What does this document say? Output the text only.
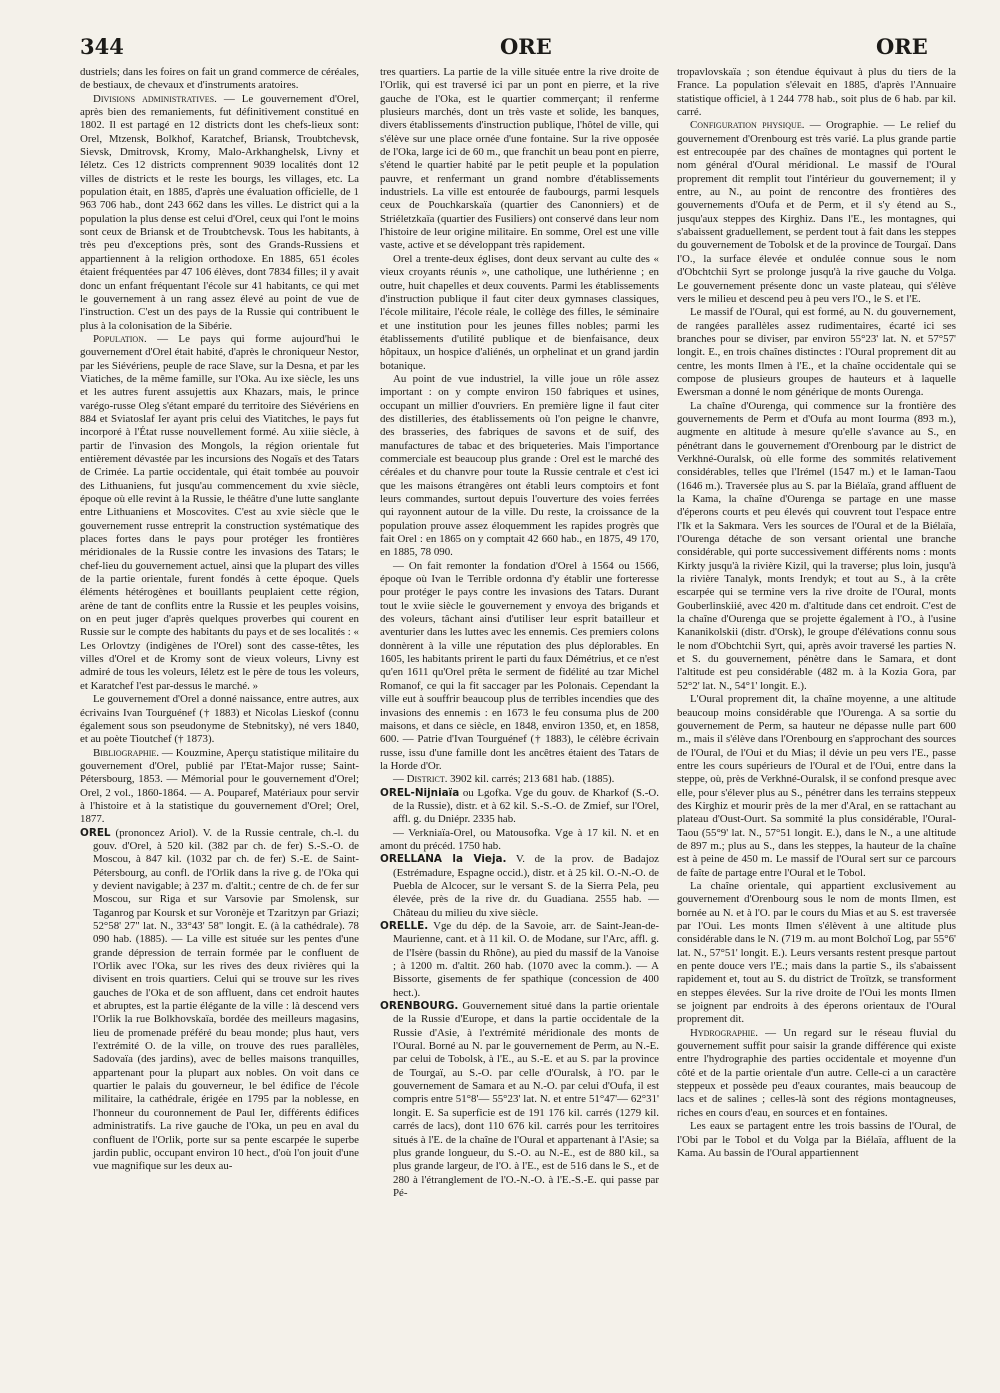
344	ORE	ORE

dustriels; dans les foires on fait un grand commerce de céréales, de bestiaux, de chevaux et d'instruments aratoires.

Divisions administratives. — Le gouvernement d'Orel, après bien des remaniements, fut définitivement constitué en 1802. Il est partagé en 12 districts dont les chefs-lieux sont: Orel, Mtzensk, Bolkhof, Karatchef, Briansk, Troubtchevsk, Sievsk, Dmitrovsk, Kromy, Malo-Arkhanghelsk, Livny et Iéletz. Ces 12 districts comprennent 9039 localités dont 12 villes de districts et le reste les bourgs, les villages, etc. La population était, en 1885, d'après une évaluation officielle, de 1 963 706 hab., dont 243 662 dans les villes. Le district qui a la population la plus dense est celui d'Orel, ceux qui l'ont le moins sont ceux de Briansk et de Troubtchevsk. Tous les habitants, à très peu d'exceptions près, sont des Grands-Russiens et appartiennent à la religion orthodoxe. En 1885, 651 écoles étaient fréquentées par 47 106 élèves, dont 7834 filles; il y avait donc un enfant fréquentant l'école sur 41 habitants, ce qui met le gouvernement à un rang assez élevé au point de vue de l'instruction. C'est un des pays de la Russie qui contribuent le plus à la colonisation de la Sibérie.

Population. — Le pays qui forme aujourd'hui le gouvernement d'Orel était habité, d'après le chroniqueur Nestor, par les Siévériens, peuple de race Slave, sur la Desna, et par les Viatiches, de la même famille, sur l'Oka. Au ixe siècle, les uns et les autres furent assujettis aux Khazars, mais, le prince varégo-russe Oleg s'étant emparé du territoire des Siévériens en 884 et Sviatoslaf Ier ayant pris celui des Viatitches, le pays fut incorporé à l'État russe nouvellement formé. Au xiiie siècle, à partir de l'invasion des Mongols, la région orientale fut entièrement dévastée par les incursions des Nogaïs et des Tatars de Crimée. La partie occidentale, qui était tombée au pouvoir des Lithuaniens, fut jusqu'au commencement du xvie siècle, époque où elle revint à la Russie, le théâtre d'une lutte sanglante entre Lithuaniens et Moscovites. C'est au xvie siècle que le gouvernement russe entreprit la construction systématique des places fortes dans le pays pour protéger les frontières méridionales de la Russie contre les invasions des Tatars; le chef-lieu du gouvernement actuel, ainsi que la plupart des villes de la partie orientale, furent fondés à cette époque. Quels éléments hétérogènes et bouillants peuplaient cette région, arène de tant de conflits entre la Russie et les peuples voisins, on en peut juger d'après quelques proverbes qui courent en Russie sur le compte des habitants du pays et de ses localités : « Les Orlovtzy (indigènes de l'Orel) sont des casse-têtes, les villes d'Orel et de Kromy sont de vieux voleurs, Livny est admiré de tous les voleurs, Iéletz est le père de tous les voleurs, et Karatchef l'est par-dessus le marché. »

Le gouvernement d'Orel a donné naissance, entre autres, aux écrivains Ivan Tourguénef († 1883) et Nicolas Lieskof (connu également sous son pseudonyme de Stebnitsky), né vers 1840, et au poète Tioutchef († 1873).

Bibliographie. — Kouzmine, Aperçu statistique militaire du gouvernement d'Orel, publié par l'Etat-Major russe; Saint-Pétersbourg, 1853. — Mémorial pour le gouvernement d'Orel; Orel, 2 vol., 1860-1864. — A. Pouparef, Matériaux pour servir à l'histoire et à la statistique du gouvernement d'Orel; Orel, 1877.

OREL (prononcez Ariol). V. de la Russie centrale, ch.-l. du gouv. d'Orel, à 520 kil. (382 par ch. de fer) S.-S.-O. de Moscou, à 847 kil. (1032 par ch. de fer) S.-E. de Saint-Pétersbourg, au confl. de l'Orlik dans la rive g. de l'Oka qui y devient navigable; à 237 m. d'altit.; centre de ch. de fer sur Moscou, sur Riga et sur Varsovie par Smolensk, sur Taganrog par Koursk et sur Voronèje et Tzaritzyn par Griazi; 52°58' 27" lat. N., 33°43' 58" longit. E. (à la cathédrale). 78 090 hab. (1885). — La ville est située sur les pentes d'une grande dépression de terrain formée par le confluent de l'Orlik avec l'Oka, sur les rives des deux rivières qui la divisent en trois quartiers. Celui qui se trouve sur les rives gauches de l'Oka et de son affluent, dans cet endroit hautes et abruptes, est la partie élégante de la ville : là descend vers l'Orlik la rue Bolkhovskaïa, bordée des meilleurs magasins, lieu de promenade préféré du beau monde; plus haut, vers l'extrémité O. de la ville, on trouve des rues parallèles, Sadovaïa (des jardins), avec de belles maisons tranquilles, appartenant pour la plupart aux nobles. On voit dans ce quartier le palais du gouverneur, le bel édifice de l'école militaire, la cathédrale, érigée en 1795 par la noblesse, en l'honneur du couronnement de Paul Ier, différents édifices administratifs. La rive gauche de l'Oka, un peu en aval du confluent de l'Orlik, porte sur sa pente escarpée le superbe jardin public, occupant environ 10 hect., d'où l'on jouit d'une vue magnifique sur les deux au-

tres quartiers. La partie de la ville située entre la rive droite de l'Orlik, qui est traversé ici par un pont en pierre, et la rive gauche de l'Oka, est le quartier commerçant; il renferme plusieurs marchés, dont un très vaste et solide, les banques, divers établissements d'instruction publique, l'hôtel de ville, qui s'élève sur une place ornée d'une fontaine. Sur la rive opposée de l'Oka, large ici de 60 m., que franchit un beau pont en pierre, s'étend le quartier habité par le petit peuple et la population pauvre, et renfermant un grand nombre d'établissements industriels. La ville est entourée de faubourgs, parmi lesquels ceux de Pouchkarskaïa (quartier des Canonniers) et de Striéletzkaïa (quartier des Fusiliers) ont conservé dans leur nom l'histoire de leur origine militaire. En somme, Orel est une ville vaste, active et se développant très rapidement.

Orel a trente-deux églises, dont deux servant au culte des « vieux croyants réunis », une catholique, une luthérienne ; en outre, huit chapelles et deux couvents. Parmi les établissements d'instruction publique il faut citer deux gymnases classiques, l'école militaire, l'école réale, le collège des filles, le séminaire et une institution pour les jeunes filles nobles; parmi les établissements d'utilité publique et de bienfaisance, deux hôpitaux, un hospice d'aliénés, un orphelinat et un grand jardin botanique.

Au point de vue industriel, la ville joue un rôle assez important : on y compte environ 150 fabriques et usines, occupant un millier d'ouvriers. En première ligne il faut citer des distilleries, des établissements où l'on peigne le chanvre, des brasseries, des fabriques de savons et de suif, des manufactures de tabac et des briqueteries. Mais l'importance commerciale est beaucoup plus grande : Orel est le marché des céréales et du chanvre pour toute la Russie centrale et c'est ici que les maisons étrangères ont établi leurs comptoirs et font leurs commandes, surtout depuis l'ouverture des voies ferrées qui rayonnent autour de la ville. Du reste, la croissance de la population prouve assez éloquemment les rapides progrès que fait Orel : en 1865 on y comptait 42 660 hab., en 1875, 49 170, en 1885, 78 090.

— On fait remonter la fondation d'Orel à 1564 ou 1566, époque où Ivan le Terrible ordonna d'y établir une forteresse pour protéger le pays contre les invasions des Tatars. Durant tout le xviie siècle le gouvernement y envoya des brigands et des voleurs, tâchant ainsi d'utiliser leur esprit batailleur et aventurier dans les luttes avec les ennemis. Ces premiers colons donnèrent à la ville une réputation des plus déplorables. En 1605, les habitants prirent le parti du faux Démétrius, et ce n'est qu'en 1611 qu'Orel prêta le serment de fidélité au tzar Michel Romanof, ce qui la fit saccager par les Polonais. Cependant la ville eut à souffrir beaucoup plus de terribles incendies que des invasions des ennemis : en 1673 le feu consuma plus de 200 maisons, et dans ce siècle, en 1848, environ 1350, et, en 1858, 600. — Patrie d'Ivan Tourguénef († 1883), le célèbre écrivain russe, issu d'une famille dont les ancêtres étaient des Tatars de la Horde d'Or.

— District. 3902 kil. carrés; 213 681 hab. (1885).

OREL-Nijniaïa ou Lgofka. Vge du gouv. de Kharkof (S.-O. de la Russie), distr. et à 62 kil. S.-S.-O. de Zmief, sur l'Orel, affl. g. du Dniépr. 2335 hab.

— Verkniaïa-Orel, ou Matousofka. Vge à 17 kil. N. et en amont du précéd. 1750 hab.

ORELLANA la Vieja. V. de la prov. de Badajoz (Estrémadure, Espagne occid.), distr. et à 25 kil. O.-N.-O. de Puebla de Alcocer, sur le versant S. de la Sierra Pela, peu élevée, près de la rive dr. du Guadiana. 2555 hab. — Château du milieu du xive siècle.

ORELLE. Vge du dép. de la Savoie, arr. de Saint-Jean-de-Maurienne, cant. et à 11 kil. O. de Modane, sur l'Arc, affl. g. de l'Isère (bassin du Rhône), au pied du massif de la Vanoise ; à 1200 m. d'altit. 260 hab. (1070 avec la comm.). — A Bissorte, gisements de fer spathique (concession de 400 hect.).

ORENBOURG. Gouvernement situé dans la partie orientale de la Russie d'Europe, et dans la partie occidentale de la Russie d'Asie, à l'extrémité méridionale des monts de l'Oural. Borné au N. par le gouvernement de Perm, au N.-E. par celui de Tobolsk, à l'E., au S.-E. et au S. par la province de Tourgaï, au S.-O. par celle d'Ouralsk, à l'O. par le gouvernement de Samara et au N.-O. par celui d'Oufa, il est compris entre 51°8'— 55°23' lat. N. et entre 51°47'— 62°31' longit. E. Sa superficie est de 191 176 kil. carrés (1279 kil. carrés de lacs), dont 110 676 kil. carrés pour les territoires situés à l'E. de la chaîne de l'Oural et appartenant à l'Asie; sa plus grande longueur, du S.-O. au N.-E., est de 880 kil., sa plus grande largeur, de l'O. à l'E., est de 516 dans le S., et de 280 à l'étranglement de l'O.-N.-O. à l'E.-S.-E. qui passe par Pé-

tropavlovskaïa ; son étendue équivaut à plus du tiers de la France. La population s'élevait en 1885, d'après l'Annuaire statistique officiel, à 1 244 778 hab., soit plus de 6 hab. par kil. carré.

Configuration physique. — Orographie. — Le relief du gouvernement d'Orenbourg est très varié. La plus grande partie est entrecoupée par des chaînes de montagnes qui portent le nom général d'Oural méridional. Le massif de l'Oural proprement dit remplit tout l'intérieur du gouvernement; il y entre, au N., au point de rencontre des frontières des gouvernements d'Oufa et de Perm, et il s'y étend au S., jusqu'aux steppes des Kirghiz. Dans l'E., les montagnes, qui s'abaissent graduellement, se perdent tout à fait dans les steppes du gouvernement de Tobolsk et de la province de Tourgaï. Dans l'O., la surface élevée et ondulée connue sous le nom d'Obchtchii Syrt se prolonge jusqu'à la rive gauche du Volga. Le gouvernement présente donc un vaste plateau, qui s'élève vers le milieu et descend peu à peu vers l'O., le S. et l'E.

Le massif de l'Oural, qui est formé, au N. du gouvernement, de rangées parallèles assez rudimentaires, écarté ici ses branches pour se diviser, par environ 55°23' lat. N. et 57°57' longit. E., en trois chaînes distinctes : l'Oural proprement dit au centre, les monts Ilmen à l'E., et la chaîne occidentale qui se compose de plusieurs groupes de hauteurs et à laquelle Ewersman a donné le nom générique de monts Ourenga.

La chaîne d'Ourenga, qui commence sur la frontière des gouvernements de Perm et d'Oufa au mont Iourma (893 m.), augmente en altitude à mesure qu'elle s'avance au S., en pénétrant dans le gouvernement d'Orenbourg par le district de Verkhné-Ouralsk, où elle forme des sommités relativement considérables, telles que l'Irémel (1547 m.) et le Iaman-Taou (1646 m.). Traversée plus au S. par la Biélaïa, grand affluent de la Kama, la chaîne d'Ourenga se partage en une masse d'éperons courts et peu élevés qui couvrent tout l'espace entre l'Ik et la Sakmara. Vers les sources de l'Oural et de la Biélaïa, l'Ourenga détache de son versant oriental une branche considérable, qui porte successivement différents noms : monts Kirkty jusqu'à la rivière Kizil, qui la traverse; plus loin, jusqu'à la rivière Tanalyk, monts Irendyk; et tout au S., à la crête escarpée qui se termine vers la rive droite de l'Oural, monts Gouberlinskiié, avec 420 m. d'altitude dans cet endroit. C'est de la chaîne d'Ourenga que se projette également à l'O., à l'usine Kananikolskii (distr. d'Orsk), le groupe d'élévations connu sous le nom d'Obchtchii Syrt, qui, après avoir traversé les parties N. et S. du gouvernement, pénètre dans le Samara, et dont l'altitude est peu considérable (482 m. à la Kozia Gora, par 52°2' lat. N., 54°1' longit. E.).

L'Oural proprement dit, la chaîne moyenne, a une altitude beaucoup moins considérable que l'Ourenga. A sa sortie du gouvernement de Perm, sa hauteur ne dépasse nulle part 600 m., mais il s'élève dans l'Orenbourg en s'approchant des sources de l'Oural, de l'Oui et du Mias; il dévie un peu vers l'E., passe entre les cours supérieurs de l'Oural et de l'Oui, entre dans la steppe, où, près de Verkhné-Ouralsk, il se confond presque avec elle, pour s'élever plus au S., pénétrer dans les terrains steppeux des Kirghiz et mourir près de la mer d'Aral, en se rattachant au plateau d'Oust-Ourt. Sa sommité la plus considérable, l'Oural-Taou (55°9' lat. N., 57°51 longit. E.), dans le N., a une altitude de 897 m.; plus au S., dans les steppes, la hauteur de la chaîne est à peine de 450 m. Le massif de l'Oural sert sur ce parcours de faîte de partage entre l'Oural et le Tobol.

La chaîne orientale, qui appartient exclusivement au gouvernement d'Orenbourg sous le nom de monts Ilmen, est bornée au N. et à l'O. par le cours du Mias et au S. est traversée par l'Oui. Les monts Ilmen s'élèvent à une altitude plus considérable dans le N. (719 m. au mont Bolchoï Log, par 55°6' lat. N., 57°51' longit. E.). Leurs versants restent presque partout en pente douce vers l'E.; mais dans la partie S., ils s'abaissent rapidement et, tout au S. du district de Troïtzk, se transforment en steppes élevées. Sur la rive droite de l'Oui les monts Ilmen se joignent par endroits à des éperons orientaux de l'Oural proprement dit.

Hydrographie. — Un regard sur le réseau fluvial du gouvernement suffit pour saisir la grande différence qui existe entre l'hydrographie des parties occidentale et moyenne d'un côté et de la partie orientale d'un autre. Celle-ci a un caractère steppeux et possède peu d'eaux courantes, mais beaucoup de lacs et de salines ; celles-là sont des régions montagneuses, riches en cours d'eau, en sources et en fontaines.

Les eaux se partagent entre les trois bassins de l'Oural, de l'Obi par le Tobol et du Volga par la Biélaïa, affluent de la Kama. Au bassin de l'Oural appartiennent
